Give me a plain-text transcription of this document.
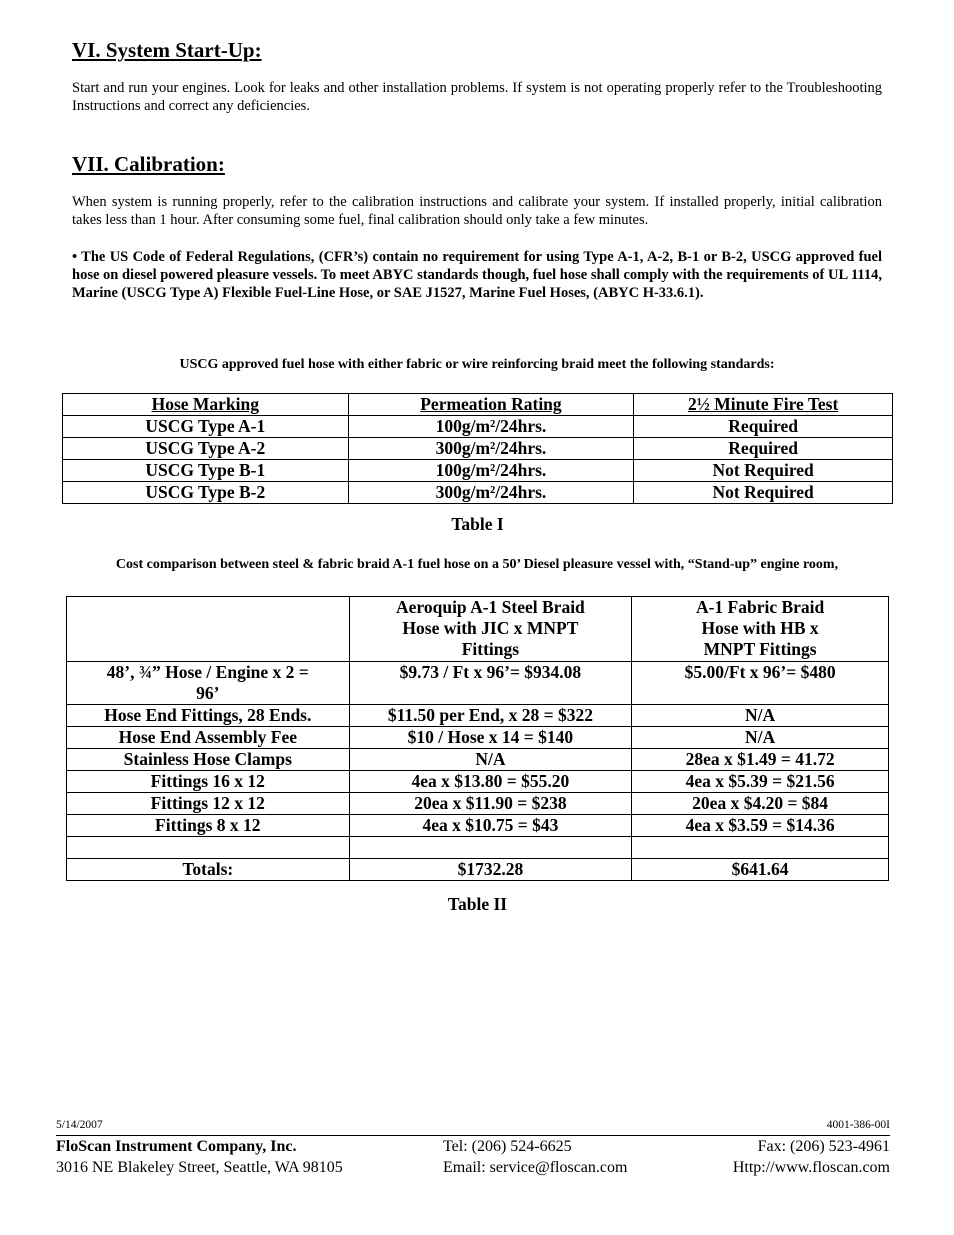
VI. System Start-Up:

Start and run your engines. Look for leaks and other installation problems. If system is not operating properly refer to the Troubleshooting Instructions and correct any deficiencies.

VII. Calibration:

When system is running properly, refer to the calibration instructions and calibrate your system. If installed properly, initial calibration takes less than 1 hour. After consuming some fuel, final calibration should only take a few minutes.

• The US Code of Federal Regulations, (CFR’s) contain no requirement for using Type A-1, A-2, B-1 or B-2, USCG approved fuel hose on diesel powered pleasure vessels. To meet ABYC standards though, fuel hose shall comply with the requirements of UL 1114, Marine (USCG Type A) Flexible Fuel-Line Hose, or SAE J1527, Marine Fuel Hoses, (ABYC H-33.6.1).

USCG approved fuel hose with either fabric or wire reinforcing braid meet the following standards:

Hose Marking	Permeation Rating	2½ Minute Fire Test
USCG Type A-1	100g/m²/24hrs.	Required
USCG Type A-2	300g/m²/24hrs.	Required
USCG Type B-1	100g/m²/24hrs.	Not Required
USCG Type B-2	300g/m²/24hrs.	Not Required
Table I

Cost comparison between steel & fabric braid A-1 fuel hose on a 50’ Diesel pleasure vessel with, “Stand-up” engine room,

	Aeroquip A-1 Steel Braid Hose with JIC x MNPT Fittings	A-1 Fabric Braid Hose with HB x MNPT Fittings
48’, ¾” Hose / Engine x 2 = 96’	$9.73 / Ft x 96’= $934.08	$5.00/Ft x 96’= $480
Hose End Fittings, 28 Ends.	$11.50 per End, x 28 = $322	N/A
Hose End Assembly Fee	$10 / Hose x 14 = $140	N/A
Stainless Hose Clamps	N/A	28ea x $1.49 = 41.72
Fittings 16 x 12	4ea x $13.80 = $55.20	4ea x $5.39 = $21.56
Fittings 12 x 12	20ea x $11.90 = $238	20ea x $4.20 = $84
Fittings 8 x 12	4ea x $10.75 = $43	4ea x $3.59 = $14.36

Totals:	$1732.28	$641.64
Table II
5/14/2007	4001-386-00I
FloScan Instrument Company, Inc.
3016 NE Blakeley Street, Seattle, WA 98105
Tel: (206) 524-6625
Email: service@floscan.com
Fax: (206) 523-4961
Http://www.floscan.com
